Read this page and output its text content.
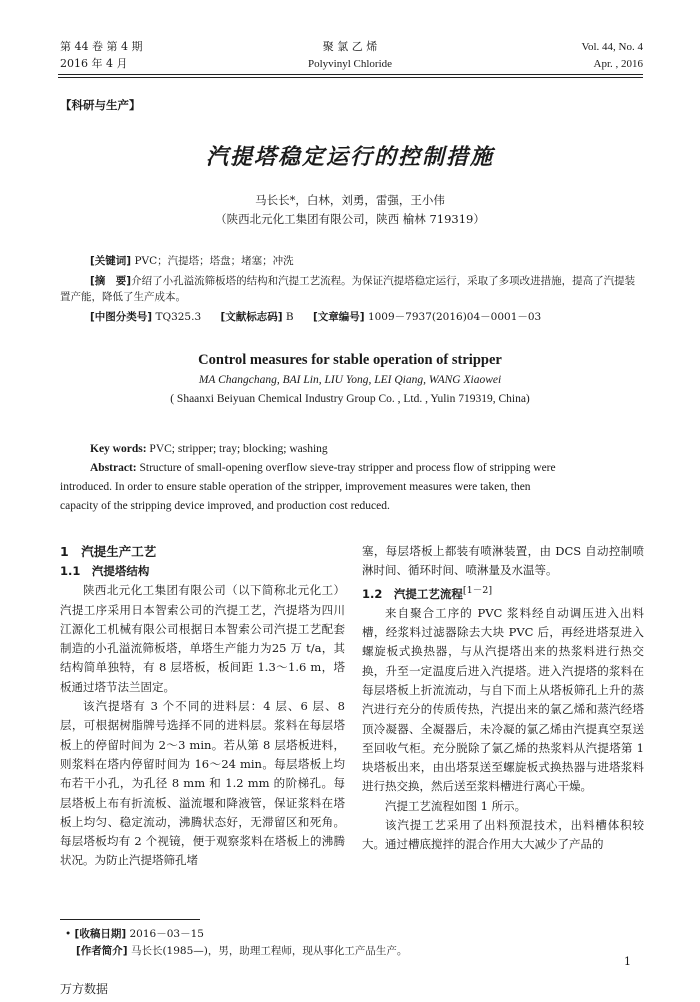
第 44 卷 第 4 期
2016 年 4 月
聚 氯 乙 烯
Polyvinyl Chloride
Vol. 44, No. 4
Apr. , 2016
【科研与生产】
汽提塔稳定运行的控制措施
马长长*，白林，刘勇，雷强，王小伟
（陕西北元化工集团有限公司，陕西 榆林 719319）
[关键词] PVC；汽提塔；塔盘；堵塞；冲洗
[摘　要]介绍了小孔溢流筛板塔的结构和汽提工艺流程。为保证汽提塔稳定运行，采取了多项改进措施，提高了汽提装置产能，降低了生产成本。
[中图分类号] TQ325.3 [文献标志码] B [文章编号] 1009－7937(2016)04－0001－03
Control measures for stable operation of stripper
MA Changchang, BAI Lin, LIU Yong, LEI Qiang, WANG Xiaowei
( Shaanxi Beiyuan Chemical Industry Group Co. , Ltd. , Yulin 719319, China)
Key words: PVC; stripper; tray; blocking; washing
Abstract: Structure of small-opening overflow sieve-tray stripper and process flow of stripping were
introduced. In order to ensure stable operation of the stripper, improvement measures were taken, then
capacity of the stripping device improved, and production cost reduced.
1　汽提生产工艺
1.1　汽提塔结构

陕西北元化工集团有限公司（以下简称北元化工）汽提工序采用日本智索公司的汽提工艺，汽提塔为四川江源化工机械有限公司根据日本智索公司汽提工艺配套制造的小孔溢流筛板塔，单塔生产能力为25 万 t/a，其结构简单独特，有 8 层塔板，板间距 1.3～1.6 m，塔板通过塔节法兰固定。

该汽提塔有 3 个不同的进料层：4 层、6 层、8 层，可根据树脂牌号选择不同的进料层。浆料在每层塔板上的停留时间为 2～3 min。若从第 8 层塔板进料，则浆料在塔内停留时间为 16～24 min。每层塔板上均布若干小孔，为孔径 8 mm 和 1.2 mm 的阶梯孔。每层塔板上布有折流板、溢流堰和降液管，保证浆料在塔板上均匀、稳定流动，沸腾状态好，无滞留区和死角。每层塔板均有 2 个视镜，便于观察浆料在塔板上的沸腾状况。为防止汽提塔筛孔堵

塞，每层塔板上都装有喷淋装置，由 DCS 自动控制喷淋时间、循环时间、喷淋量及水温等。

1.2　汽提工艺流程[1－2]

来自聚合工序的 PVC 浆料经自动调压进入出料槽，经浆料过滤器除去大块 PVC 后，再经进塔泵进入螺旋板式换热器，与从汽提塔出来的热浆料进行热交换，升至一定温度后进入汽提塔。进入汽提塔的浆料在每层塔板上折流流动，与自下而上从塔板筛孔上升的蒸汽进行充分的传质传热，汽提出来的氯乙烯和蒸汽经塔顶冷凝器、全凝器后，未冷凝的氯乙烯由汽提真空泵送至回收气柜。充分脱除了氯乙烯的热浆料从汽提塔第 1 块塔板出来，由出塔泵送至螺旋板式换热器与进塔浆料进行热交换，然后送至浆料槽进行离心干燥。

汽提工艺流程如图 1 所示。

该汽提工艺采用了出料预混技术，出料槽体积较大。通过槽底搅拌的混合作用大大减少了产品的

• [收稿日期] 2016－03－15
[作者简介] 马长长(1985—)，男，助理工程师，现从事化工产品生产。
1
万方数据
